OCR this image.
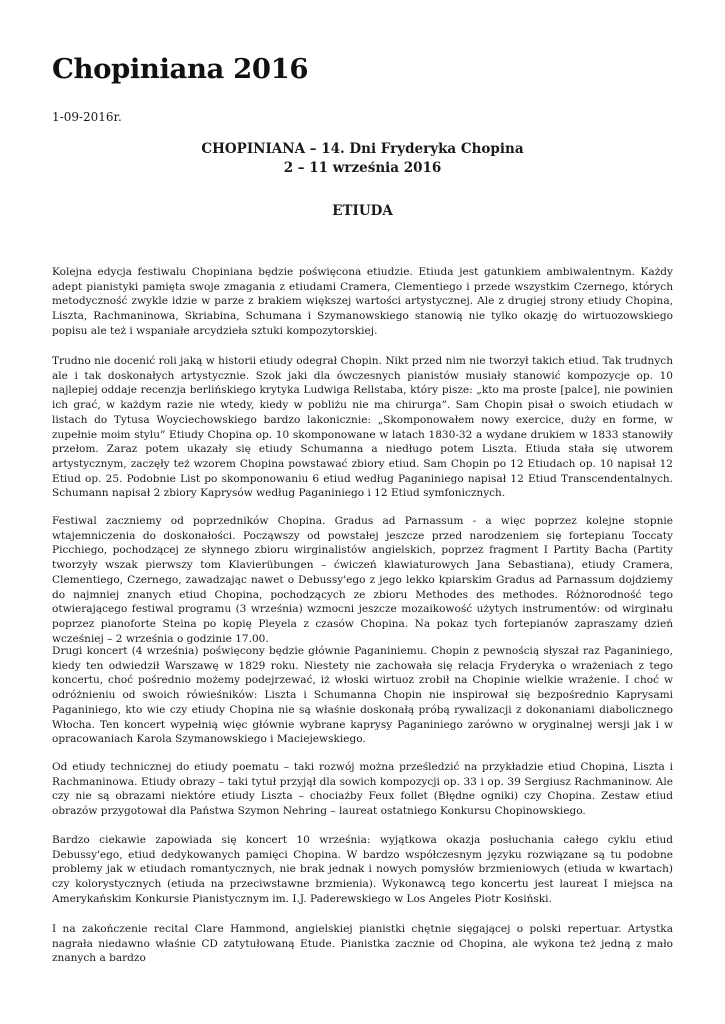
Chopiniana 2016
1-09-2016r.
CHOPINIANA – 14. Dni Fryderyka Chopina
2 – 11 września 2016
ETIUDA

Kolejna edycja festiwalu Chopiniana będzie poświęcona etiudzie. Etiuda jest gatunkiem ambiwalentnym. Każdy adept pianistyki pamięta swoje zmagania z etiudami Cramera, Clementiego i przede wszystkim Czernego, których metodyczność zwykle idzie w parze z brakiem większej wartości artystycznej. Ale z drugiej strony etiudy Chopina, Liszta, Rachmaninowa, Skriabina, Schumana i Szymanowskiego stanowią nie tylko okazję do wirtuozowskiego popisu ale też i wspaniałe arcydzieła sztuki kompozytorskiej.

Trudno nie docenić roli jaką w historii etiudy odegrał Chopin. Nikt przed nim nie tworzył takich etiud. Tak trudnych ale i tak doskonałych artystycznie. Szok jaki dla ówczesnych pianistów musiały stanowić kompozycje op. 10 najlepiej oddaje recenzja berlińskiego krytyka Ludwiga Rellstaba, który pisze: „kto ma proste [palce], nie powinien ich grać, w każdym razie nie wtedy, kiedy w pobliżu nie ma chirurga”. Sam Chopin pisał o swoich etiudach w listach do Tytusa Woyciechowskiego bardzo lakonicznie: „Skomponowałem nowy exercice, duży en forme, w zupełnie moim stylu” Etiudy Chopina op. 10 skomponowane w latach 1830-32 a wydane drukiem w 1833 stanowiły przełom. Zaraz potem ukazały się etiudy Schumanna a niedługo potem Liszta. Etiuda stała się utworem artystycznym, zaczęły też wzorem Chopina powstawać zbiory etiud. Sam Chopin po 12 Etiudach op. 10 napisał 12 Etiud op. 25. Podobnie List po skomponowaniu 6 etiud według Paganiniego napisał 12 Etiud Transcendentalnych. Schumann napisał 2 zbiory Kaprysów według Paganiniego i 12 Etiud symfonicznych.

Festiwal zaczniemy od poprzedników Chopina. Gradus ad Parnassum - a więc poprzez kolejne stopnie wtajemniczenia do doskonałości. Począwszy od powstałej jeszcze przed narodzeniem się fortepianu Toccaty Picchiego, pochodzącej ze słynnego zbioru wirginalistów angielskich, poprzez fragment I Partity Bacha (Partity tworzyły wszak pierwszy tom Klavierübungen – ćwiczeń klawiaturowych Jana Sebastiana), etiudy Cramera, Clementiego, Czernego, zawadzając nawet o Debussy'ego z jego lekko kpiarskim Gradus ad Parnassum dojdziemy do najmniej znanych etiud Chopina, pochodzących ze zbioru Methodes des methodes. Różnorodność tego otwierającego festiwal programu (3 września) wzmocni jeszcze mozaikowość użytych instrumentów: od wirginału poprzez pianoforte Steina po kopię Pleyela z czasów Chopina. Na pokaz tych fortepianów zapraszamy dzień wcześniej – 2 września o godzinie 17.00.

Drugi koncert (4 września) poświęcony będzie głównie Paganiniemu. Chopin z pewnością słyszał raz Paganiniego, kiedy ten odwiedził Warszawę w 1829 roku. Niestety nie zachowała się relacja Fryderyka o wrażeniach z tego koncertu, choć pośrednio możemy podejrzewać, iż włoski wirtuoz zrobił na Chopinie wielkie wrażenie. I choć w odróżnieniu od swoich rówieśników: Liszta i Schumanna Chopin nie inspirował się bezpośrednio Kaprysami Paganiniego, kto wie czy etiudy Chopina nie są właśnie doskonałą próbą rywalizacji z dokonaniami diabolicznego Włocha. Ten koncert wypełnią więc głównie wybrane kaprysy Paganiniego zarówno w oryginalnej wersji jak i w opracowaniach Karola Szymanowskiego i Maciejewskiego.

Od etiudy technicznej do etiudy poematu – taki rozwój można prześledzić na przykładzie etiud Chopina, Liszta i Rachmaninowa. Etiudy obrazy – taki tytuł przyjął dla sowich kompozycji op. 33 i op. 39 Sergiusz Rachmaninow. Ale czy nie są obrazami niektóre etiudy Liszta – chociażby Feux follet (Błędne ogniki) czy Chopina. Zestaw etiud obrazów przygotował dla Państwa Szymon Nehring – laureat ostatniego Konkursu Chopinowskiego.

Bardzo ciekawie zapowiada się koncert 10 września: wyjątkowa okazja posłuchania całego cyklu etiud Debussy'ego, etiud dedykowanych pamięci Chopina. W bardzo współczesnym języku rozwiązane są tu podobne problemy jak w etiudach romantycznych, nie brak jednak i nowych pomysłów brzmieniowych (etiuda w kwartach) czy kolorystycznych (etiuda na przeciwstawne brzmienia). Wykonawcą tego koncertu jest laureat I miejsca na Amerykańskim Konkursie Pianistycznym im. I.J. Paderewskiego w Los Angeles Piotr Kosiński.

I na zakończenie recital Clare Hammond, angielskiej pianistki chętnie sięgającej o polski repertuar. Artystka nagrała niedawno właśnie CD zatytułowaną Etude. Pianistka zacznie od Chopina, ale wykona też jedną z mało znanych a bardzo
